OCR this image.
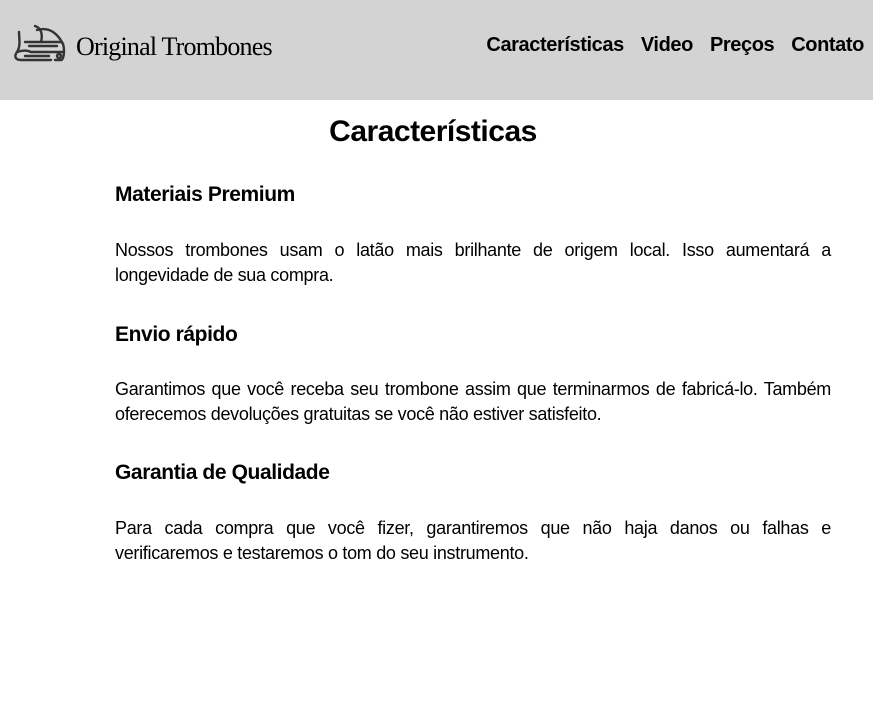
Original Trombones	Características Video Preços Contato
Características
Materiais Premium

Nossos trombones usam o latão mais brilhante de origem local. Isso aumentará a longevidade de sua compra.

Envio rápido

Garantimos que você receba seu trombone assim que terminarmos de fabricá-lo. Também oferecemos devoluções gratuitas se você não estiver satisfeito.

Garantia de Qualidade

Para cada compra que você fizer, garantiremos que não haja danos ou falhas e verificaremos e testaremos o tom do seu instrumento.
